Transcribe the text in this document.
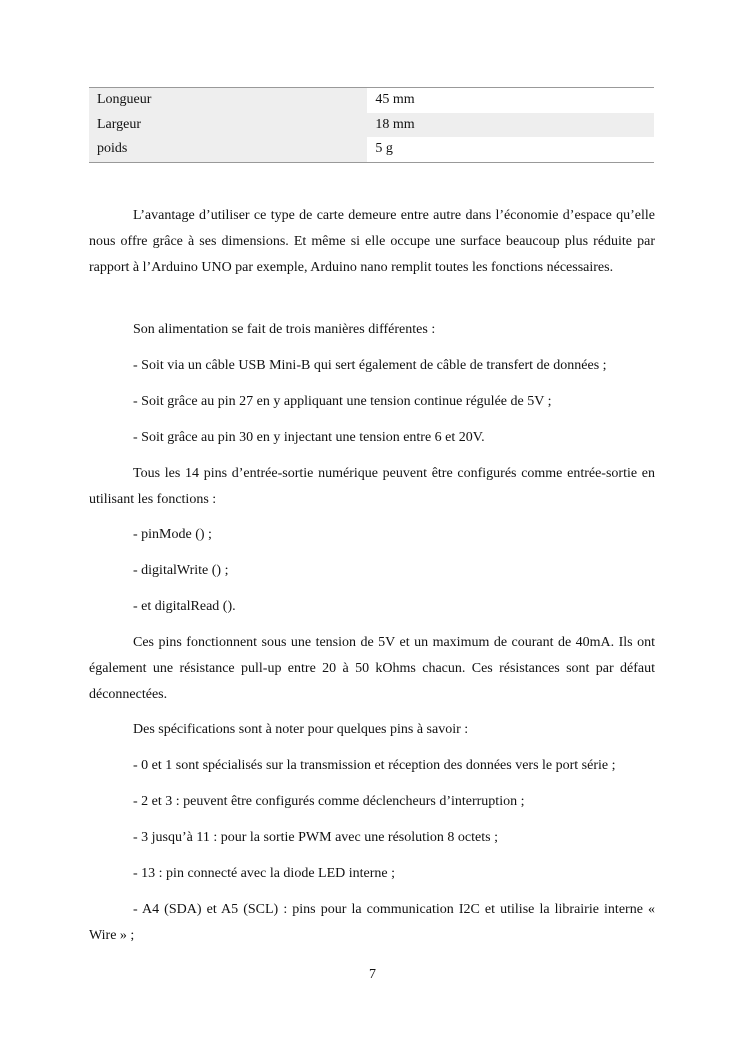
Longueur	45 mm
Largeur	18 mm
poids	5 g

L’avantage d’utiliser ce type de carte demeure entre autre dans l’économie d’espace qu’elle nous offre grâce à ses dimensions. Et même si elle occupe une surface beaucoup plus réduite par rapport à l’Arduino UNO par exemple, Arduino nano remplit toutes les fonctions nécessaires.

Son alimentation se fait de trois manières différentes :

- Soit via un câble USB Mini-B qui sert également de câble de transfert de données ;

- Soit grâce au pin 27 en y appliquant une tension continue régulée de 5V ;

- Soit grâce au pin 30 en y injectant une tension entre 6 et 20V.

Tous les 14 pins d’entrée-sortie numérique peuvent être configurés comme entrée-sortie en utilisant les fonctions :

- pinMode () ;

- digitalWrite () ;

- et digitalRead ().

Ces pins fonctionnent sous une tension de 5V et un maximum de courant de 40mA. Ils ont également une résistance pull-up entre 20 à 50 kOhms chacun. Ces résistances sont par défaut déconnectées.

Des spécifications sont à noter pour quelques pins à savoir :

- 0 et 1 sont spécialisés sur la transmission et réception des données vers le port série ;

- 2 et 3 : peuvent être configurés comme déclencheurs d’interruption ;

- 3 jusqu’à 11 : pour la sortie PWM avec une résolution 8 octets ;

- 13 : pin connecté avec la diode LED interne ;

- A4 (SDA) et A5 (SCL) : pins pour la communication I2C et utilise la librairie interne « Wire » ;

7
